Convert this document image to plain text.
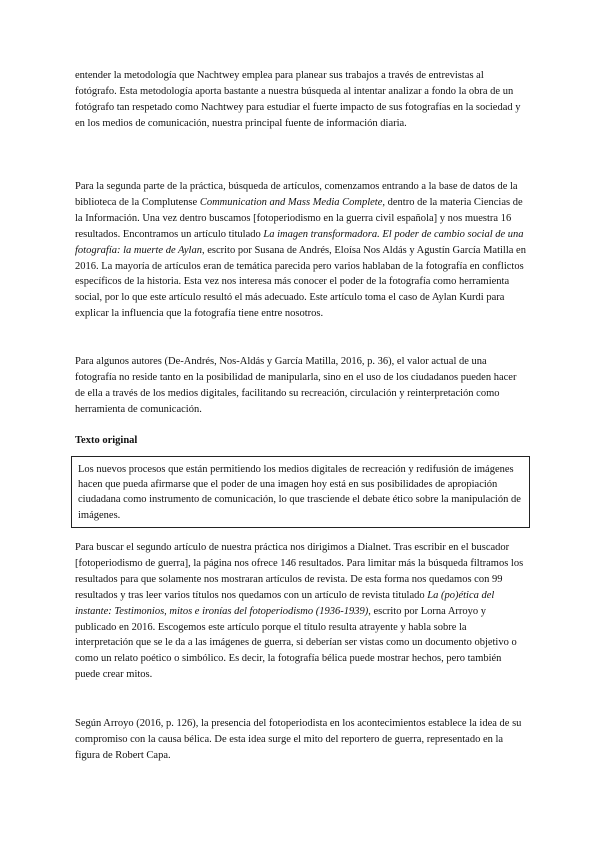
entender la metodología que Nachtwey emplea para planear sus trabajos a través de entrevistas al fotógrafo. Esta metodología aporta bastante a nuestra búsqueda al intentar analizar a fondo la obra de un fotógrafo tan respetado como Nachtwey para estudiar el fuerte impacto de sus fotografías en la sociedad y en los medios de comunicación, nuestra principal fuente de información diaria.

Para la segunda parte de la práctica, búsqueda de artículos, comenzamos entrando a la base de datos de la biblioteca de la Complutense Communication and Mass Media Complete, dentro de la materia Ciencias de la Información. Una vez dentro buscamos [fotoperiodismo en la guerra civil española] y nos muestra 16 resultados. Encontramos un artículo titulado La imagen transformadora. El poder de cambio social de una fotografía: la muerte de Aylan, escrito por Susana de Andrés, Eloísa Nos Aldás y Agustín García Matilla en 2016. La mayoría de artículos eran de temática parecida pero varios hablaban de la fotografía en conflictos específicos de la historia. Esta vez nos interesa más conocer el poder de la fotografía como herramienta social, por lo que este artículo resultó el más adecuado. Este artículo toma el caso de Aylan Kurdi para explicar la influencia que la fotografía tiene entre nosotros.

Para algunos autores (De-Andrés, Nos-Aldás y García Matilla, 2016, p. 36), el valor actual de una fotografía no reside tanto en la posibilidad de manipularla, sino en el uso de los ciudadanos pueden hacer de ella a través de los medios digitales, facilitando su recreación, circulación y reinterpretación como herramienta de comunicación.

Texto original

Los nuevos procesos que están permitiendo los medios digitales de recreación y redifusión de imágenes hacen que pueda afirmarse que el poder de una imagen hoy está en sus posibilidades de apropiación ciudadana como instrumento de comunicación, lo que trasciende el debate ético sobre la manipulación de imágenes.

Para buscar el segundo artículo de nuestra práctica nos dirigimos a Dialnet. Tras escribir en el buscador [fotoperiodismo de guerra], la página nos ofrece 146 resultados. Para limitar más la búsqueda filtramos los resultados para que solamente nos mostraran artículos de revista. De esta forma nos quedamos con 99 resultados y tras leer varios títulos nos quedamos con un artículo de revista titulado La (po)ética del instante: Testimonios, mitos e ironías del fotoperiodismo (1936-1939), escrito por Lorna Arroyo y publicado en 2016. Escogemos este artículo porque el título resulta atrayente y habla sobre la interpretación que se le da a las imágenes de guerra, si deberían ser vistas como un documento objetivo o como un relato poético o simbólico. Es decir, la fotografía bélica puede mostrar hechos, pero también puede crear mitos.

Según Arroyo (2016, p. 126), la presencia del fotoperiodista en los acontecimientos establece la idea de su compromiso con la causa bélica. De esta idea surge el mito del reportero de guerra, representado en la figura de Robert Capa.
